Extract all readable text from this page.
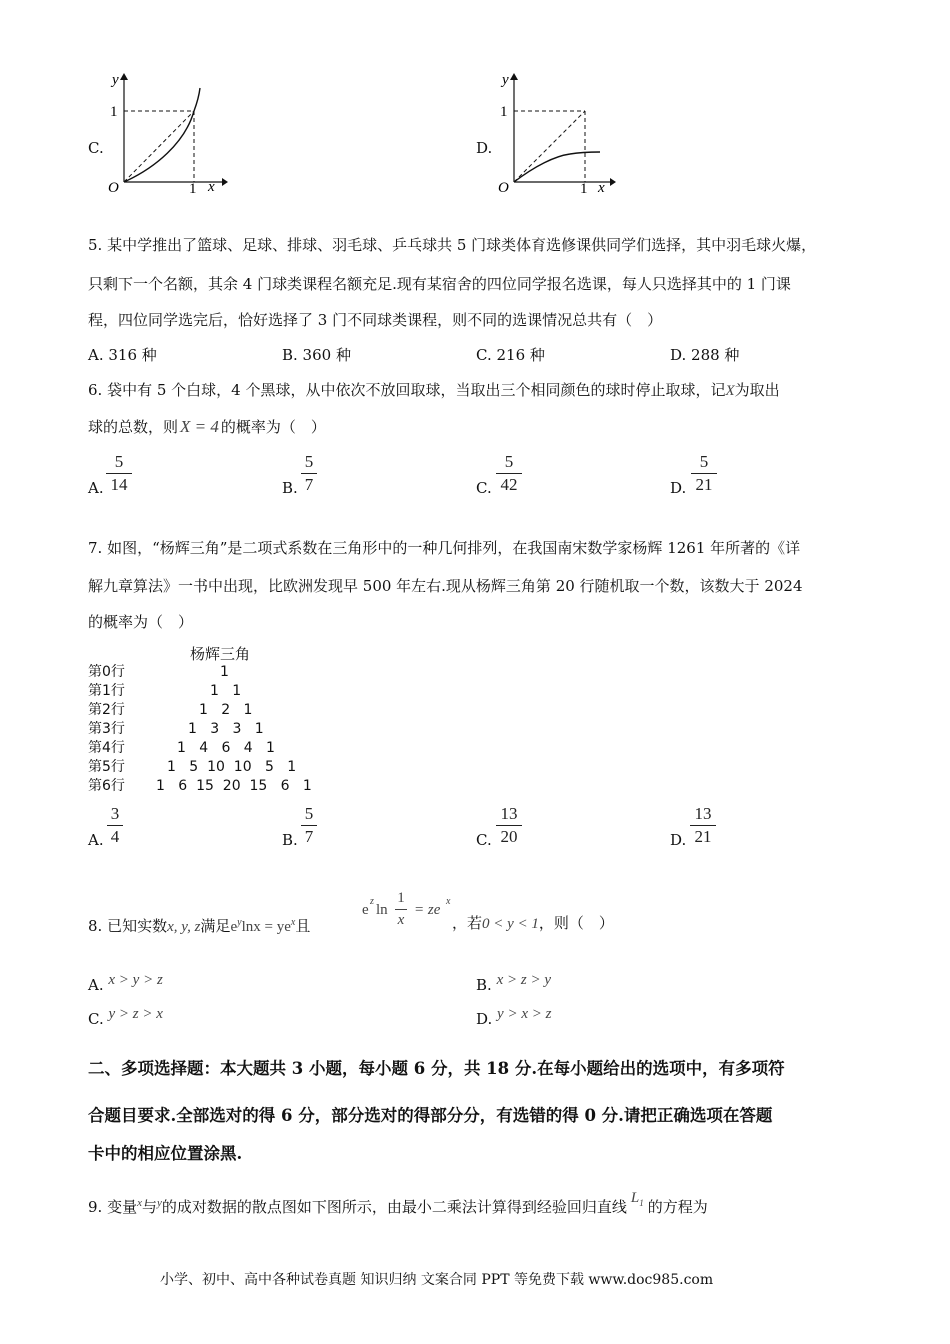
C.
y
x
O
1
1
D.
y
x
O
1
1
5. 某中学推出了篮球、足球、排球、羽毛球、乒乓球共 5 门球类体育选修课供同学们选择，其中羽毛球火爆，
只剩下一个名额，其余 4 门球类课程名额充足.现有某宿舍的四位同学报名选课，每人只选择其中的 1 门课
程，四位同学选完后，恰好选择了 3 门不同球类课程，则不同的选课情况总共有（　）
A. 316 种	B. 360 种	C. 216 种	D. 288 种
6. 袋中有 5 个白球，4 个黑球，从中依次不放回取球，当取出三个相同颜色的球时停止取球，记X为取出
球的总数，则 X = 4 的概率为（　）
A.
5
14	B.
5
7	C.
5
42	D.
5
21
7. 如图，“杨辉三角”是二项式系数在三角形中的一种几何排列，在我国南宋数学家杨辉 1261 年所著的《详
解九章算法》一书中出现，比欧洲发现早 500 年左右.现从杨辉三角第 20 行随机取一个数，该数大于 2024
的概率为（　）
杨辉三角
第0行	1
第1行	1   1
第2行	1   2   1
第3行	1   3   3   1
第4行	1   4   6   4   1
第5行	1   5  10  10   5   1
第6行 1   6  15  20  15   6   1
A.
3
4	B.
5
7	C.
13
20	D.
13
21
8. 已知实数x, y, z满足$e^y\ln x = ye^x$且
e
z
ln
1
x
= ze
x
，若0 < y < 1，则（　）
A. x > y > z	B. x > z > y
C. y > z > x	D. y > x > z
二、多项选择题：本大题共 3 小题，每小题 6 分，共 18 分.在每小题给出的选项中，有多项符
合题目要求.全部选对的得 6 分，部分选对的得部分分，有选错的得 0 分.请把正确选项在答题
卡中的相应位置涂黑.
9. 变量$^x$与$^y$的成对数据的散点图如下图所示，由最小二乘法计算得到经验回归直线 $L_1$ 的方程为
小学、初中、高中各种试卷真题 知识归纳 文案合同 PPT 等免费下载 www.doc985.com
